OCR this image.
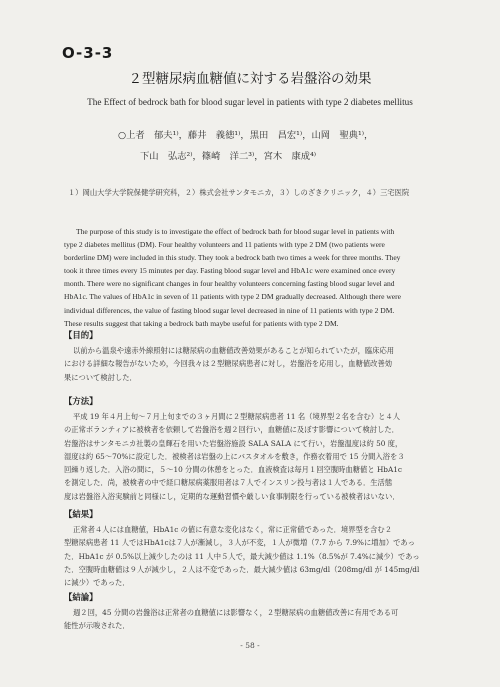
O-3-3
２型糖尿病血糖値に対する岩盤浴の効果
The Effect of bedrock bath for blood sugar level in patients with type 2 diabetes mellitus
○上者　郁夫¹⁾，藤井　義徳¹⁾，黒田　昌宏¹⁾，山岡　聖典¹⁾，
下山　弘志²⁾，篠崎　洋二³⁾，宮木　康成⁴⁾
１）岡山大学大学院保健学研究科，２）株式会社サンタモニカ，３）しのざきクリニック，４）三宅医院
The purpose of this study is to investigate the effect of bedrock bath for blood sugar level in patients with
type 2 diabetes mellitus (DM). Four healthy volunteers and 11 patients with type 2 DM (two patients were
borderline DM) were included in this study. They took a bedrock bath two times a week for three months. They
took it three times every 15 minutes per day. Fasting blood sugar level and HbA1c were examined once every
month. There were no significant changes in four healthy volunteers concerning fasting blood sugar level and
HbA1c. The values of HbA1c in seven of 11 patients with type 2 DM gradually decreased. Although there were
individual differences, the value of fasting blood sugar level decreased in nine of 11 patients with type 2 DM.
These results suggest that taking a bedrock bath maybe useful for patients with type 2 DM.
【目的】
以前から温泉や遠赤外線照射には糖尿病の血糖値改善効果があることが知られていたが，臨床応用
における詳細な報告がないため，今回我々は２型糖尿病患者に対し，岩盤浴を応用し，血糖値改善効
果について検討した．
【方法】
平成 19 年４月上旬～７月上旬までの３ヶ月間に２型糖尿病患者 11 名（境界型２名を含む）と４人
の正常ボランティアに被検者を依頼して岩盤浴を週２回行い，血糖値に及ぼす影響について検討した．
岩盤浴はサンタモニカ社製の皇輝石を用いた岩盤浴施設 SALA SALA にて行い，岩盤温度は約 50 度，
湿度は約 65～70%に設定した．被検者は岩盤の上にバスタオルを敷き，作務衣着用で 15 分間入浴を３
回繰り返した．入浴の間に，５～10 分間の休憩をとった．血液検査は毎月１回空腹時血糖値と HbA1c
を測定した．尚，被検者の中で経口糖尿病薬服用者は７人でインスリン投与者は１人である．生活態
度は岩盤浴入浴実験前と同様にし，定期的な運動習慣や厳しい食事制限を行っている被検者はいない．
【結果】
正常者４人には血糖値，HbA1c の値に有意な変化はなく，常に正常値であった．境界型を含む２
型糖尿病患者 11 人ではHbA1cは７人が漸減し，３人が不変，１人が微増（7.7 から 7.9%に増加）であっ
た．HbA1c が 0.5%以上減少したのは 11 人中５人で，最大減少値は 1.1%（8.5%が 7.4%に減少）であっ
た．空腹時血糖値は９人が減少し，２人は不変であった．最大減少値は 63mg/dl（208mg/dl が 145mg/dl
に減少）であった．
【結論】
週２回，45 分間の岩盤浴は正常者の血糖値には影響なく，２型糖尿病の血糖値改善に有用である可
能性が示唆された．
- 58 -
